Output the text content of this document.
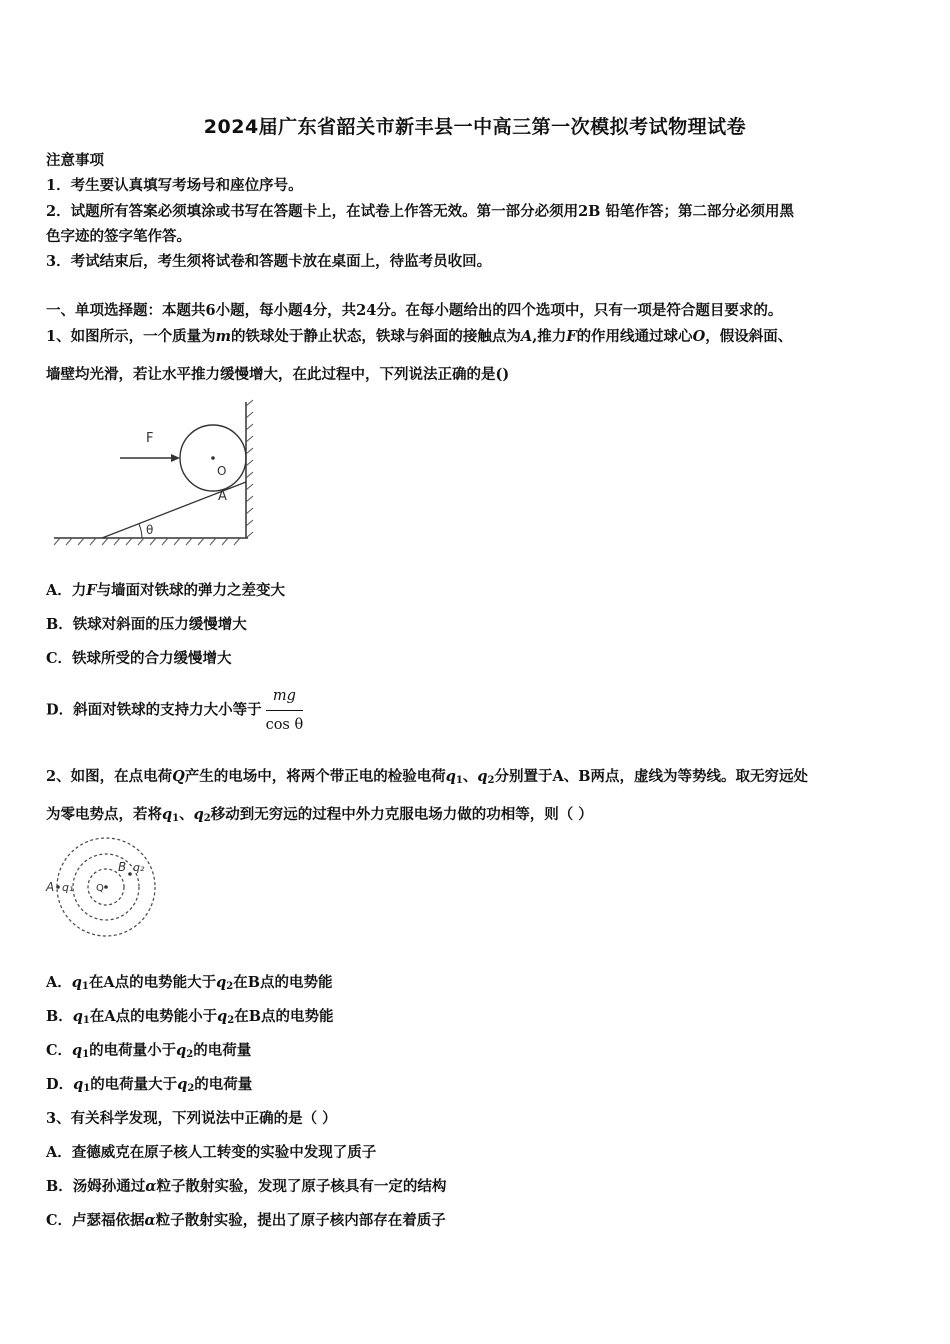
2024届广东省韶关市新丰县一中高三第一次模拟考试物理试卷
注意事项
1．考生要认真填写考场号和座位序号。
2．试题所有答案必须填涂或书写在答题卡上，在试卷上作答无效。第一部分必须用2B 铅笔作答；第二部分必须用黑
色字迹的签字笔作答。
3．考试结束后，考生须将试卷和答题卡放在桌面上，待监考员收回。
一、单项选择题：本题共6小题，每小题4分，共24分。在每小题给出的四个选项中，只有一项是符合题目要求的。
1、如图所示，一个质量为m的铁球处于静止状态，铁球与斜面的接触点为A,推力F的作用线通过球心O，假设斜面、
墙壁均光滑，若让水平推力缓慢增大，在此过程中，下列说法正确的是()
F
O
A
θ
A．力F与墙面对铁球的弹力之差变大
B．铁球对斜面的压力缓慢增大
C．铁球所受的合力缓慢增大
D．斜面对铁球的支持力大小等于 $\frac{mg}{\text{cos θ}}$
2、如图，在点电荷Q产生的电场中，将两个带正电的检验电荷$q_1$、$q_2$分别置于A、B两点，虚线为等势线。取无穷远处
为零电势点，若将$q_1$、$q_2$移动到无穷远的过程中外力克服电场力做的功相等，则（ ）
A q₁
B q₂
Q
A．$q_1$在A点的电势能大于$q_2$在B点的电势能
B．$q_1$在A点的电势能小于$q_2$在B点的电势能
C．$q_1$的电荷量小于$q_2$的电荷量
D．$q_1$的电荷量大于$q_2$的电荷量
3、有关科学发现，下列说法中正确的是（ ）
A．查德威克在原子核人工转变的实验中发现了质子
B．汤姆孙通过α粒子散射实验，发现了原子核具有一定的结构
C．卢瑟福依据α粒子散射实验，提出了原子核内部存在着质子
